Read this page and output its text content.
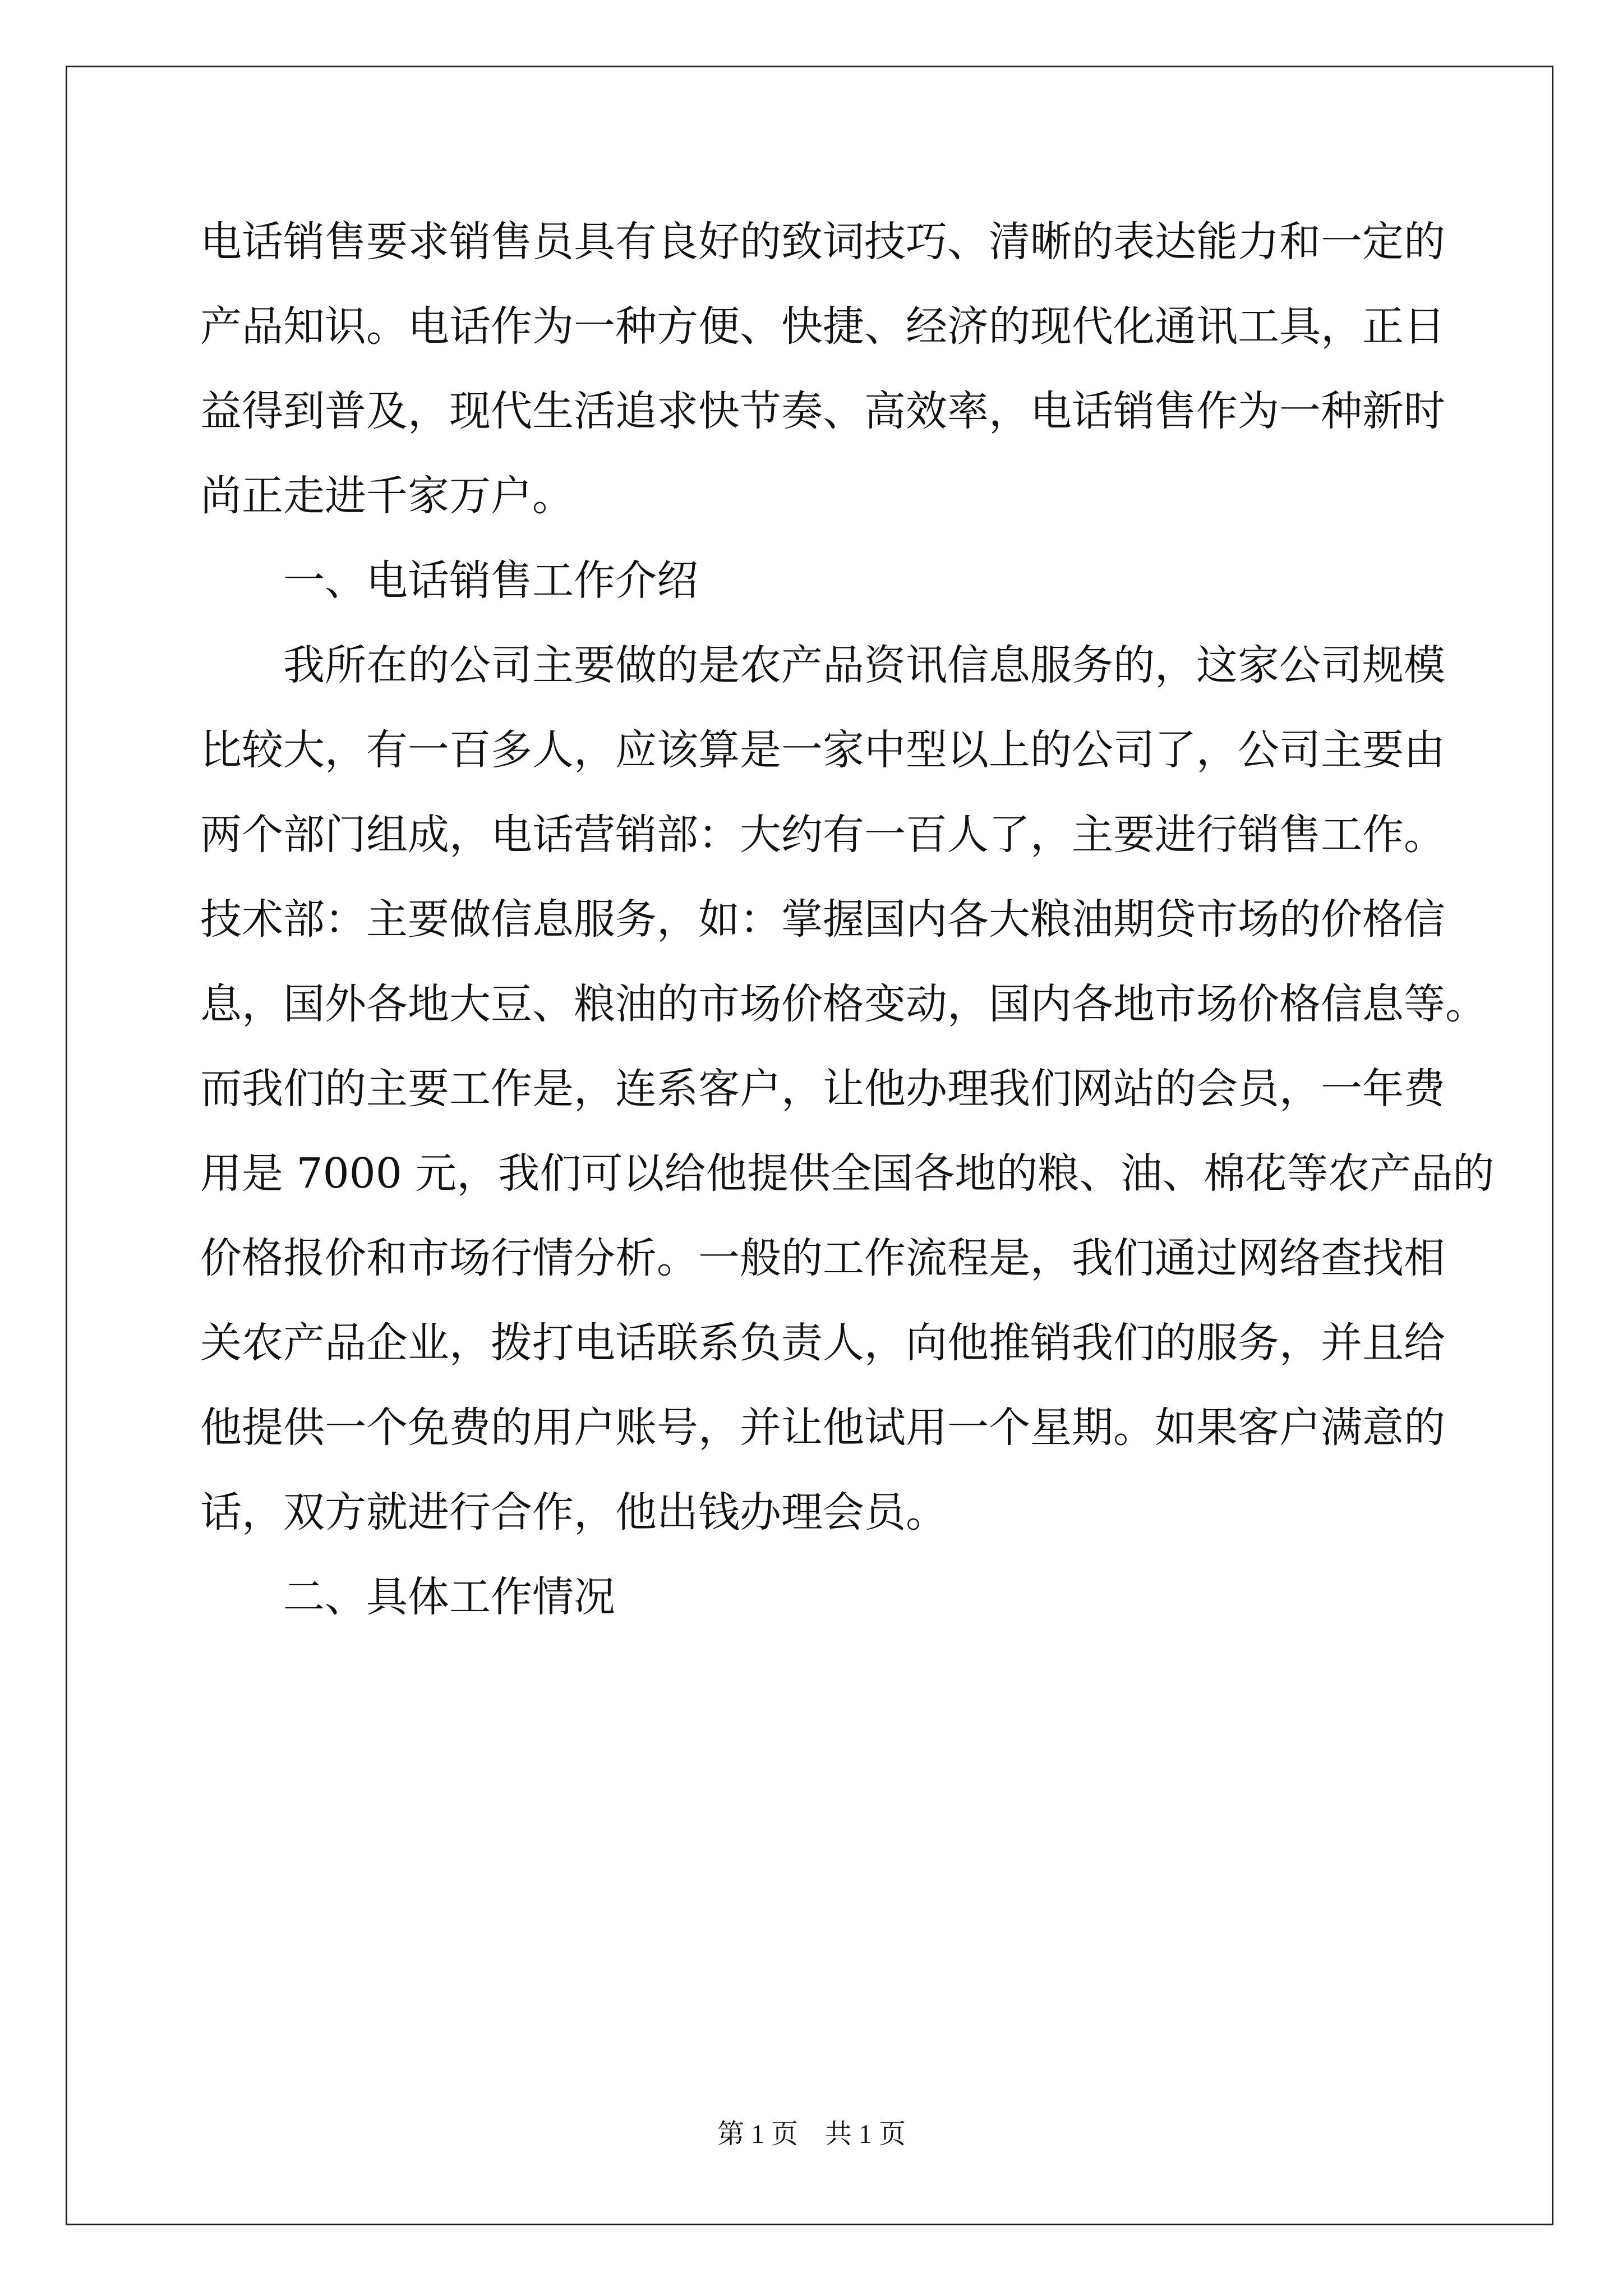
电话销售要求销售员具有良好的致词技巧、清晰的表达能力和一定的

产品知识。电话作为一种方便、快捷、经济的现代化通讯工具，正日

益得到普及，现代生活追求快节奏、高效率，电话销售作为一种新时

尚正走进千家万户。

一、电话销售工作介绍

我所在的公司主要做的是农产品资讯信息服务的，这家公司规模

比较大，有一百多人，应该算是一家中型以上的公司了，公司主要由

两个部门组成，电话营销部：大约有一百人了，主要进行销售工作。

技术部：主要做信息服务，如：掌握国内各大粮油期贷市场的价格信

息，国外各地大豆、粮油的市场价格变动，国内各地市场价格信息等。

而我们的主要工作是，连系客户，让他办理我们网站的会员，一年费

用是 7000 元，我们可以给他提供全国各地的粮、油、棉花等农产品的

价格报价和市场行情分析。一般的工作流程是，我们通过网络查找相

关农产品企业，拨打电话联系负责人，向他推销我们的服务，并且给

他提供一个免费的用户账号，并让他试用一个星期。如果客户满意的

话，双方就进行合作，他出钱办理会员。

二、具体工作情况

第 1 页　共 1 页
